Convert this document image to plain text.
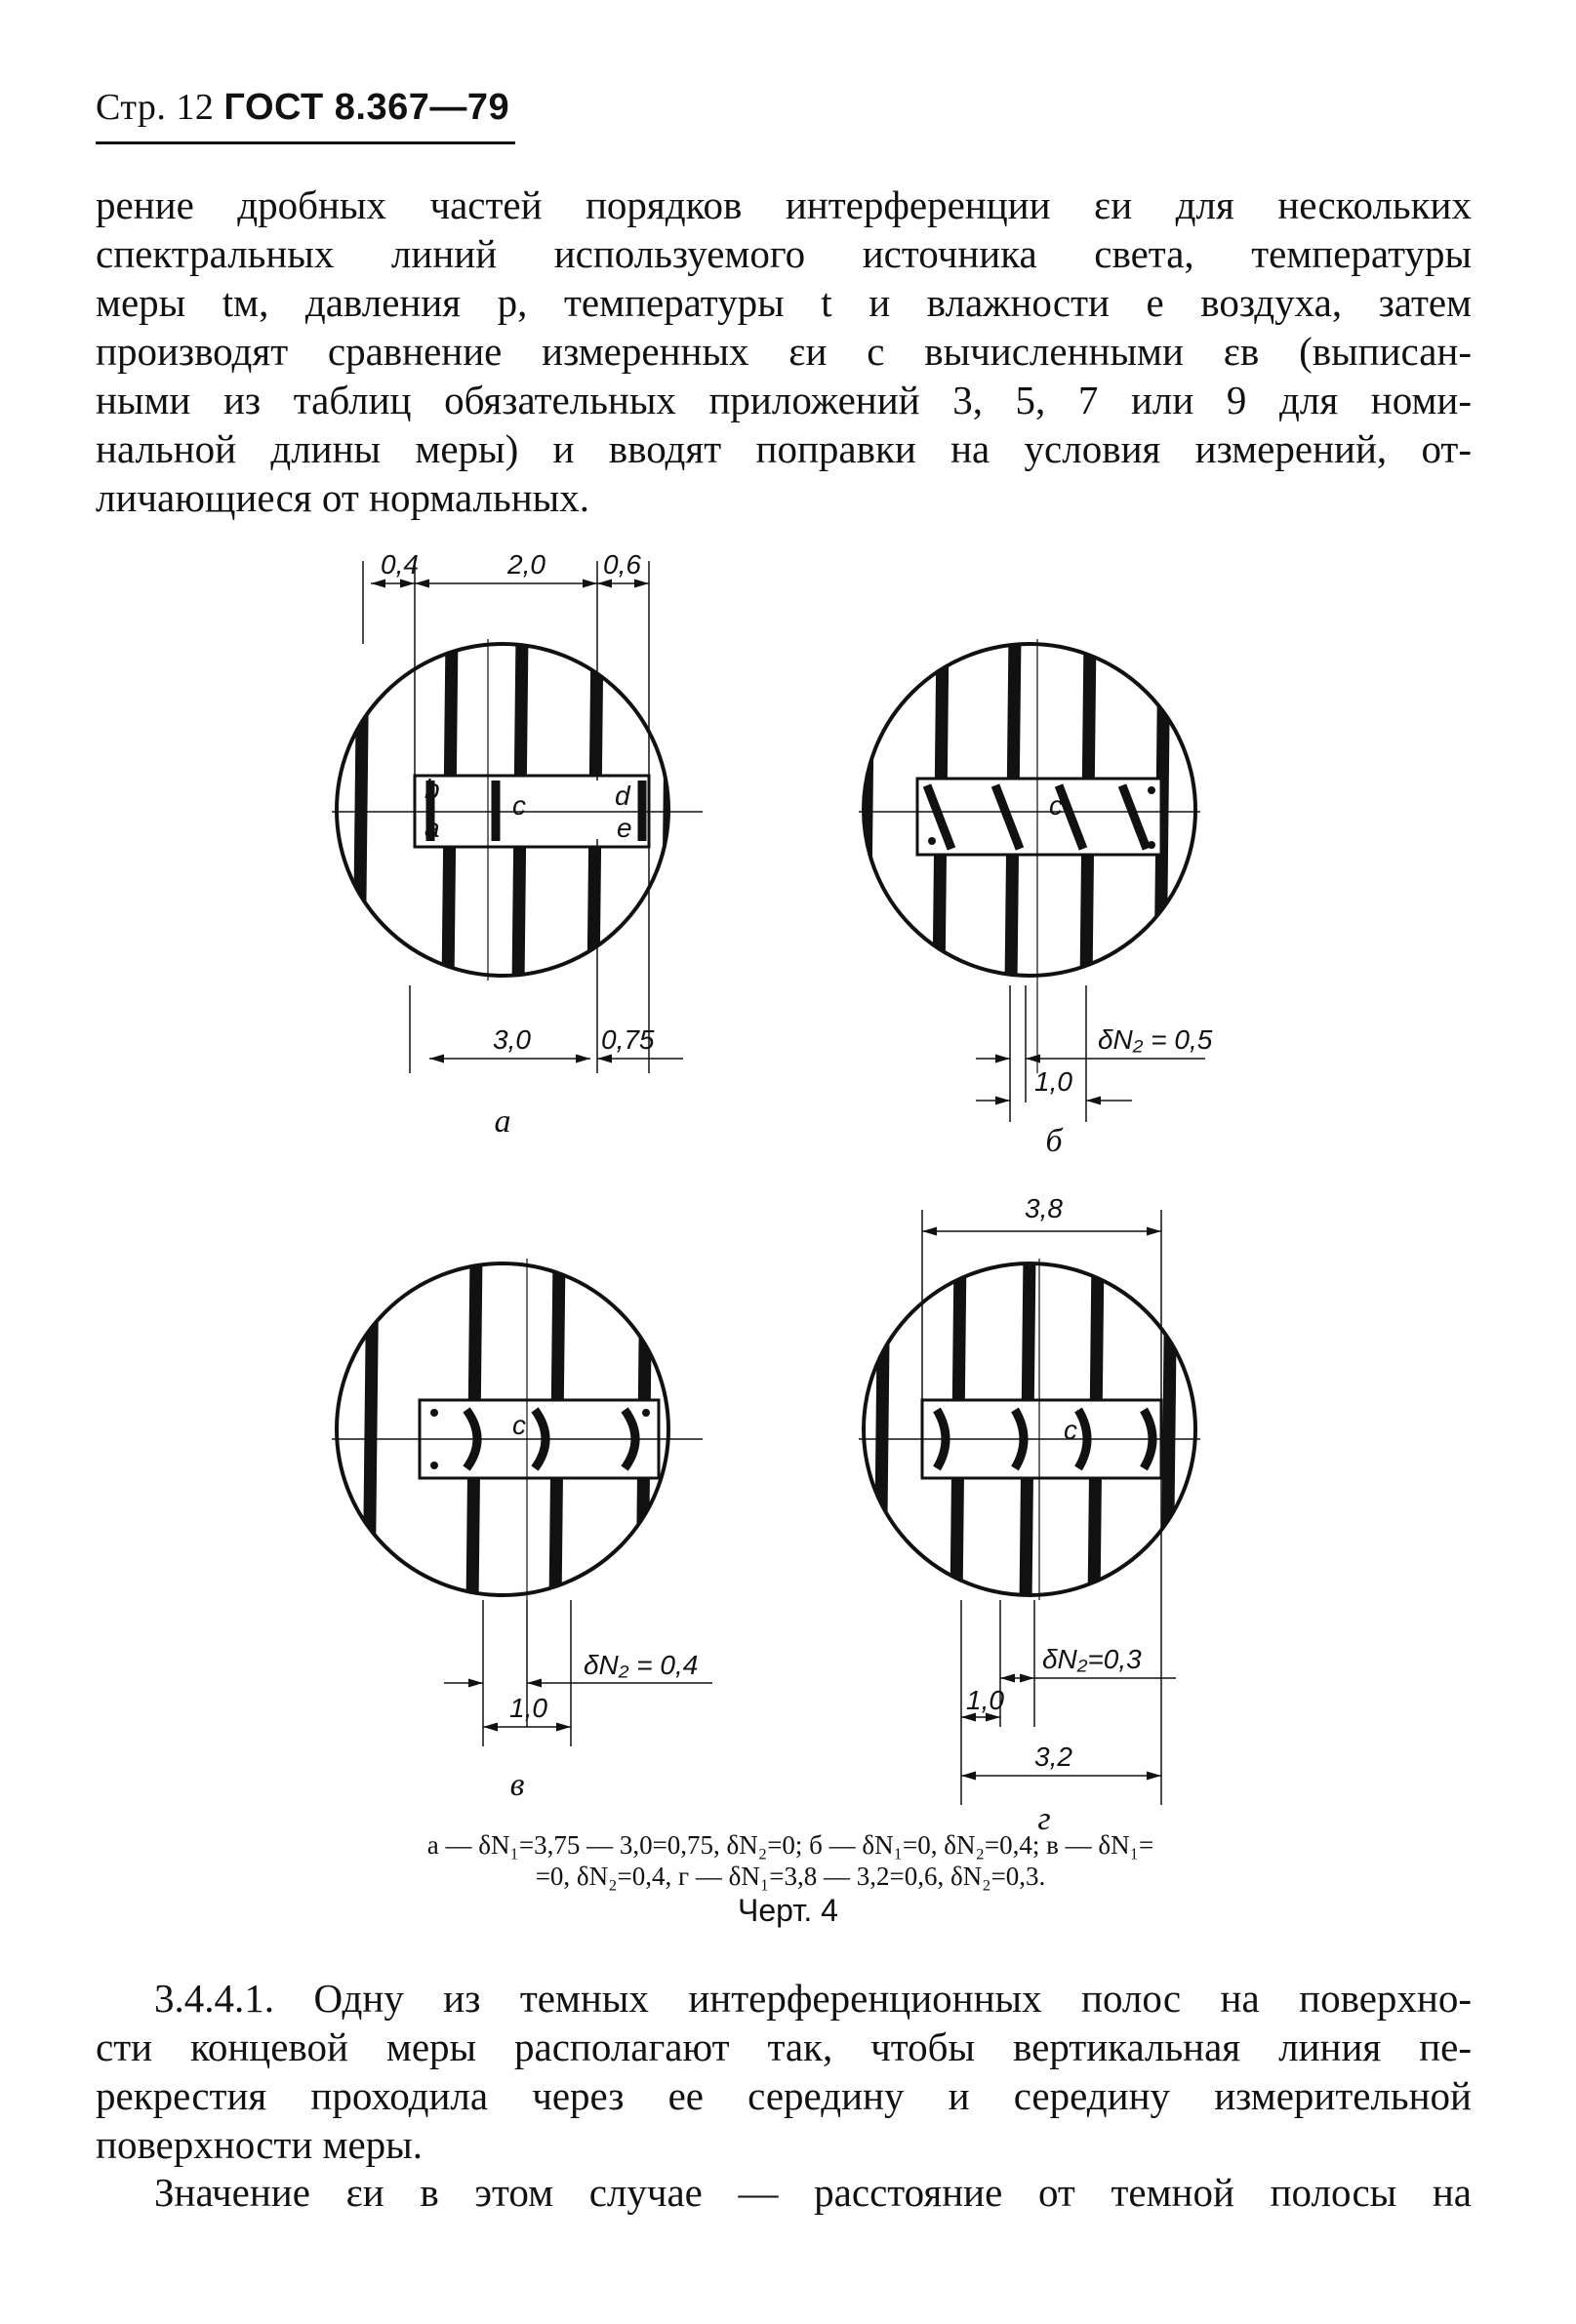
Стр. 12 ГОСТ 8.367—79
рение дробных частей порядков интерференции εи для нескольких
спектральных линий используемого источника света, температуры
меры tм, давления p, температуры t и влажности e воздуха, затем
производят сравнение измеренных εи с вычисленными εв (выписан-
ными из таблиц обязательных приложений 3, 5, 7 или 9 для номи-
нальной длины меры) и вводят поправки на условия измерений, от-
личающиеся от нормальных.
b
c	d
a	e
0,4	2,0 0,6
3,0	0,75
а
c
δN₂ = 0,5
1,0
б
c
δN₂ = 0,4
1,0
в
c
3,8
δN₂=0,3
1,0
3,2
г
а — δN₁=3,75 — 3,0=0,75, δN₂=0; б — δN₁=0, δN₂=0,4; в — δN₁=
=0, δN₂=0,4, г — δN₁=3,8 — 3,2=0,6, δN₂=0,3.
Черт. 4
3.4.4.1. Одну из темных интерференционных полос на поверхно-
сти концевой меры располагают так, чтобы вертикальная линия пе-
рекрестия проходила через ее середину и середину измерительной
поверхности меры.
Значение εи в этом случае — расстояние от темной полосы на
